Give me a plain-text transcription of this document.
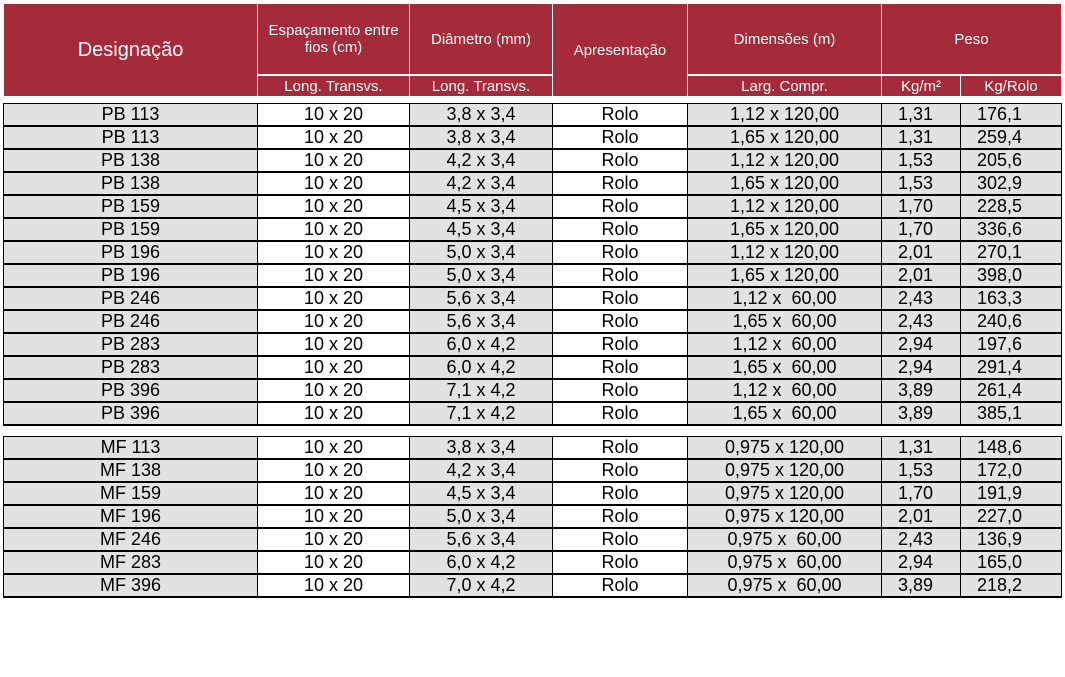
Designação	Espaçamento entre fios (cm)	Diâmetro (mm)	Apresentação	Dimensões (m)	Peso	
	Long. Transvs.	Long. Transvs.		Larg. Compr.	Kg/m²	Kg/Rolo
PB 113	10 x 20	3,8 x 3,4	Rolo	1,12 x 120,00	1,31	176,1
PB 113	10 x 20	3,8 x 3,4	Rolo	1,65 x 120,00	1,31	259,4
PB 138	10 x 20	4,2 x 3,4	Rolo	1,12 x 120,00	1,53	205,6
PB 138	10 x 20	4,2 x 3,4	Rolo	1,65 x 120,00	1,53	302,9
PB 159	10 x 20	4,5 x 3,4	Rolo	1,12 x 120,00	1,70	228,5
PB 159	10 x 20	4,5 x 3,4	Rolo	1,65 x 120,00	1,70	336,6
PB 196	10 x 20	5,0 x 3,4	Rolo	1,12 x 120,00	2,01	270,1
PB 196	10 x 20	5,0 x 3,4	Rolo	1,65 x 120,00	2,01	398,0
PB 246	10 x 20	5,6 x 3,4	Rolo	1,12 x  60,00	2,43	163,3
PB 246	10 x 20	5,6 x 3,4	Rolo	1,65 x  60,00	2,43	240,6
PB 283	10 x 20	6,0 x 4,2	Rolo	1,12 x  60,00	2,94	197,6
PB 283	10 x 20	6,0 x 4,2	Rolo	1,65 x  60,00	2,94	291,4
PB 396	10 x 20	7,1 x 4,2	Rolo	1,12 x  60,00	3,89	261,4
PB 396	10 x 20	7,1 x 4,2	Rolo	1,65 x  60,00	3,89	385,1

MF 113	10 x 20	3,8 x 3,4	Rolo	0,975 x 120,00	1,31	148,6
MF 138	10 x 20	4,2 x 3,4	Rolo	0,975 x 120,00	1,53	172,0
MF 159	10 x 20	4,5 x 3,4	Rolo	0,975 x 120,00	1,70	191,9
MF 196	10 x 20	5,0 x 3,4	Rolo	0,975 x 120,00	2,01	227,0
MF 246	10 x 20	5,6 x 3,4	Rolo	0,975 x  60,00	2,43	136,9
MF 283	10 x 20	6,0 x 4,2	Rolo	0,975 x  60,00	2,94	165,0
MF 396	10 x 20	7,0 x 4,2	Rolo	0,975 x  60,00	3,89	218,2
